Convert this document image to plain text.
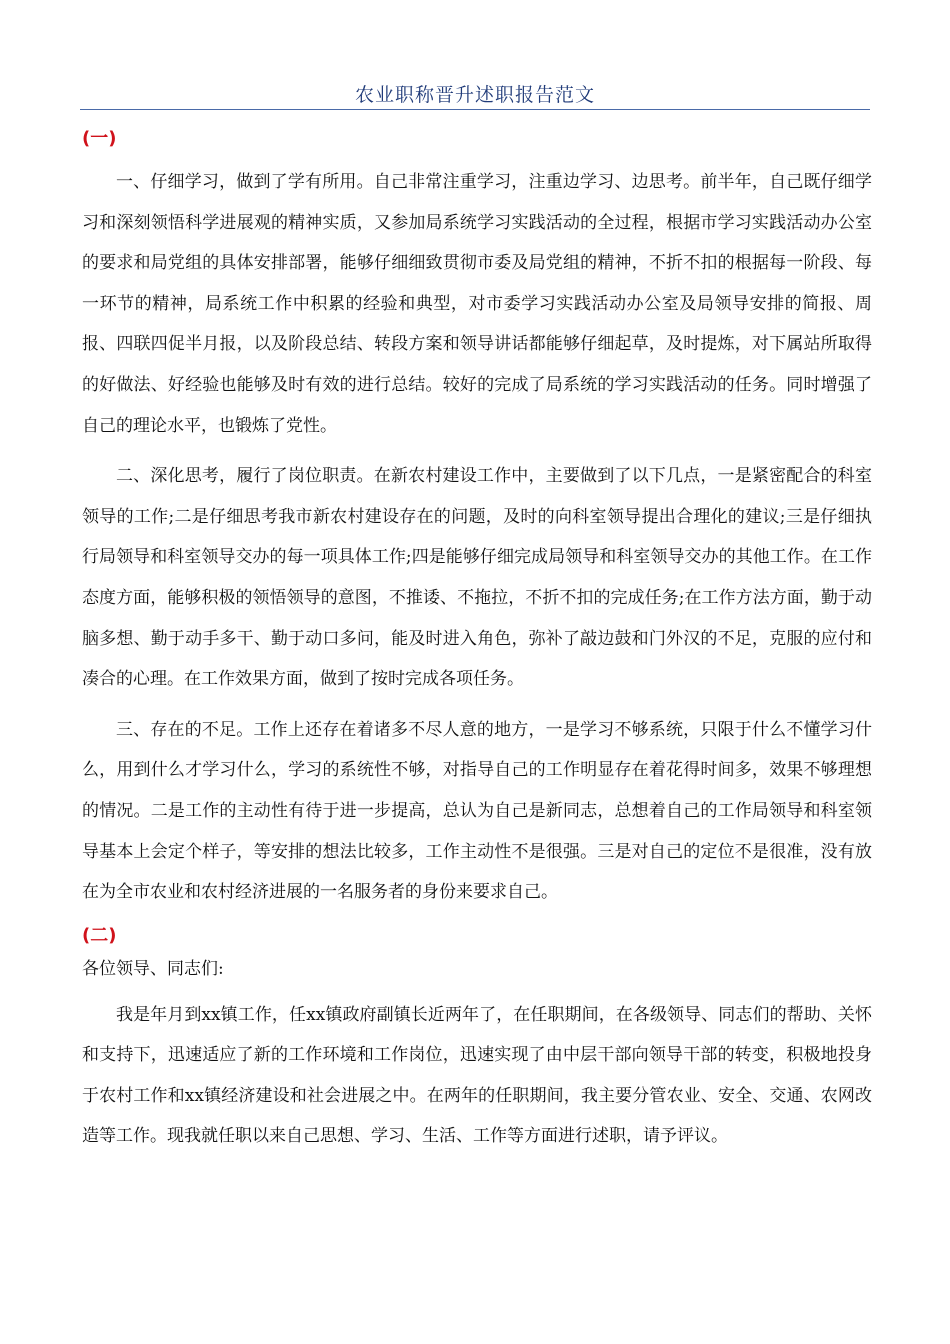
农业职称晋升述职报告范文

(一)

一、仔细学习，做到了学有所用。自己非常注重学习，注重边学习、边思考。前半年，自己既仔细学习和深刻领悟科学进展观的精神实质，又参加局系统学习实践活动的全过程，根据市学习实践活动办公室的要求和局党组的具体安排部署，能够仔细细致贯彻市委及局党组的精神，不折不扣的根据每一阶段、每一环节的精神，局系统工作中积累的经验和典型，对市委学习实践活动办公室及局领导安排的简报、周报、四联四促半月报，以及阶段总结、转段方案和领导讲话都能够仔细起草，及时提炼，对下属站所取得的好做法、好经验也能够及时有效的进行总结。较好的完成了局系统的学习实践活动的任务。同时增强了自己的理论水平，也锻炼了党性。

二、深化思考，履行了岗位职责。在新农村建设工作中，主要做到了以下几点，一是紧密配合的科室领导的工作;二是仔细思考我市新农村建设存在的问题，及时的向科室领导提出合理化的建议;三是仔细执行局领导和科室领导交办的每一项具体工作;四是能够仔细完成局领导和科室领导交办的其他工作。在工作态度方面，能够积极的领悟领导的意图，不推诿、不拖拉，不折不扣的完成任务;在工作方法方面，勤于动脑多想、勤于动手多干、勤于动口多问，能及时进入角色，弥补了敲边鼓和门外汉的不足，克服的应付和凑合的心理。在工作效果方面，做到了按时完成各项任务。

三、存在的不足。工作上还存在着诸多不尽人意的地方，一是学习不够系统，只限于什么不懂学习什么，用到什么才学习什么，学习的系统性不够，对指导自己的工作明显存在着花得时间多，效果不够理想的情况。二是工作的主动性有待于进一步提高，总认为自己是新同志，总想着自己的工作局领导和科室领导基本上会定个样子，等安排的想法比较多，工作主动性不是很强。三是对自己的定位不是很准，没有放在为全市农业和农村经济进展的一名服务者的身份来要求自己。

(二)

各位领导、同志们:

我是年月到xx镇工作，任xx镇政府副镇长近两年了，在任职期间，在各级领导、同志们的帮助、关怀和支持下，迅速适应了新的工作环境和工作岗位，迅速实现了由中层干部向领导干部的转变，积极地投身于农村工作和xx镇经济建设和社会进展之中。在两年的任职期间，我主要分管农业、安全、交通、农网改造等工作。现我就任职以来自己思想、学习、生活、工作等方面进行述职，请予评议。
